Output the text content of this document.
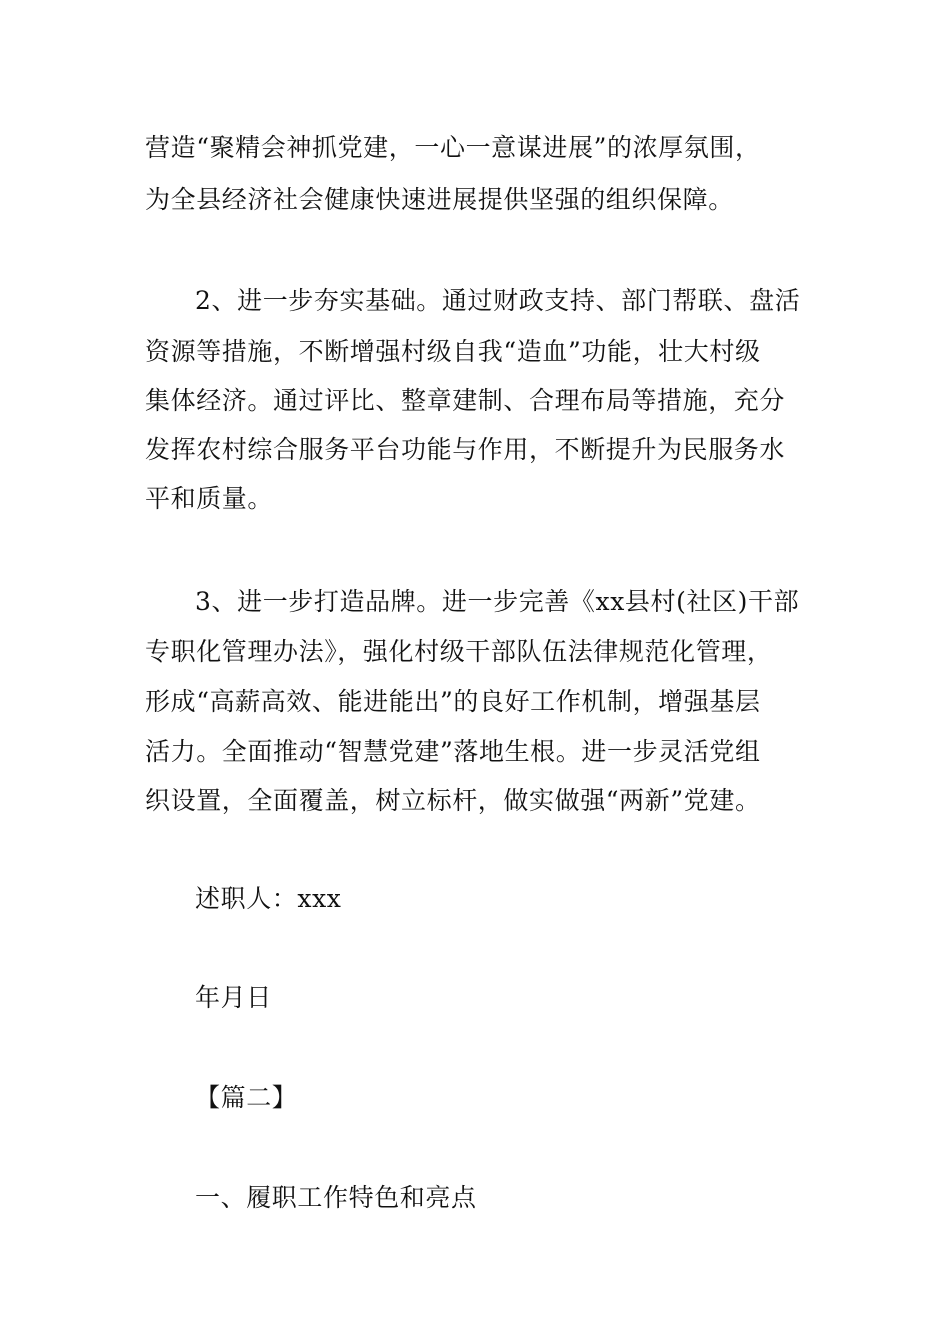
营造“聚精会神抓党建，一心一意谋进展”的浓厚氛围，

为全县经济社会健康快速进展提供坚强的组织保障。

2、进一步夯实基础。通过财政支持、部门帮联、盘活

资源等措施，不断增强村级自我“造血”功能，壮大村级

集体经济。通过评比、整章建制、合理布局等措施，充分

发挥农村综合服务平台功能与作用，不断提升为民服务水

平和质量。

3、进一步打造品牌。进一步完善《xx县村(社区)干部

专职化管理办法》，强化村级干部队伍法律规范化管理，

形成“高薪高效、能进能出”的良好工作机制，增强基层

活力。全面推动“智慧党建”落地生根。进一步灵活党组

织设置，全面覆盖，树立标杆，做实做强“两新”党建。

述职人：xxx

年月日

【篇二】

一、履职工作特色和亮点
